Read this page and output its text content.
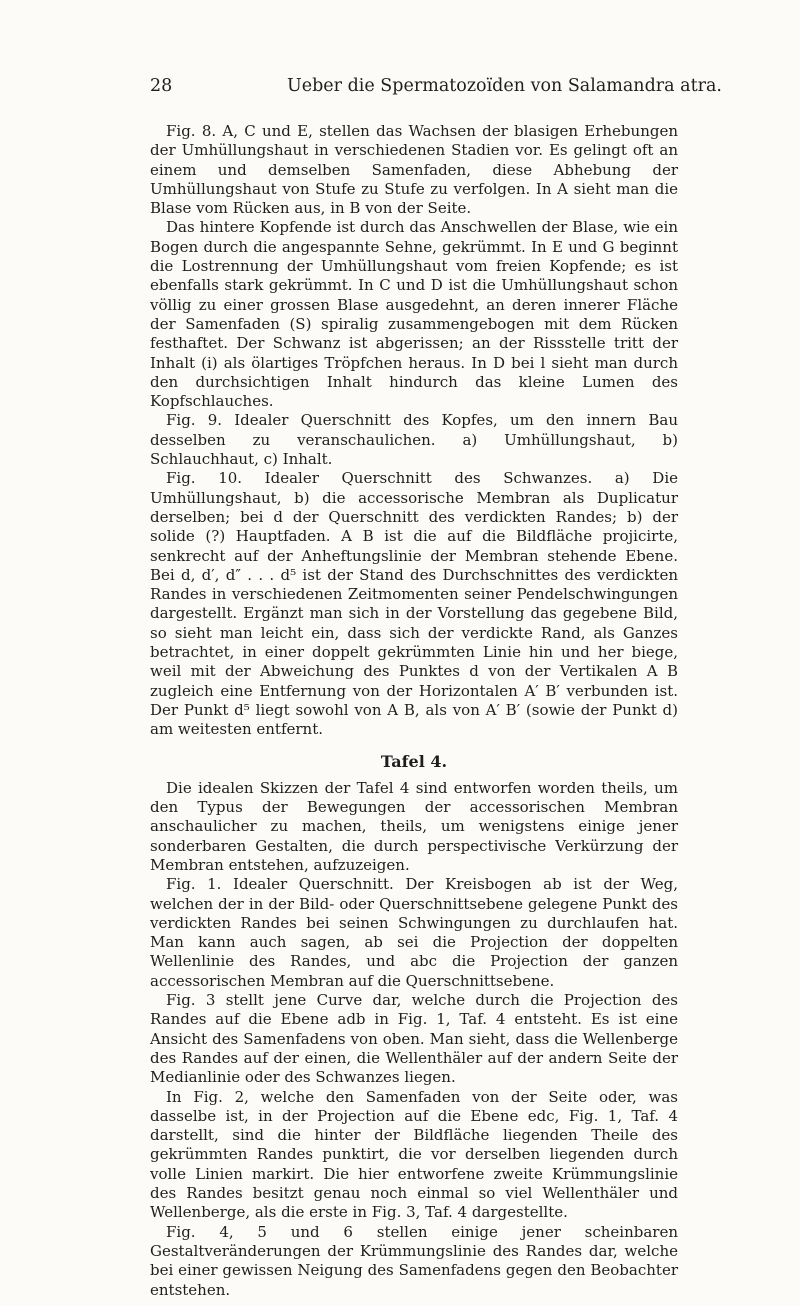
28	Ueber die Spermatozoïden von Salamandra atra.

Fig. 8. A, C und E, stellen das Wachsen der blasigen Erhebungen der Umhüllungshaut in verschiedenen Stadien vor. Es gelingt oft an einem und demselben Samenfaden, diese Abhebung der Umhüllungshaut von Stufe zu Stufe zu verfolgen. In A sieht man die Blase vom Rücken aus, in B von der Seite.

Das hintere Kopfende ist durch das Anschwellen der Blase, wie ein Bogen durch die angespannte Sehne, gekrümmt. In E und G beginnt die Lostrennung der Umhüllungshaut vom freien Kopfende; es ist ebenfalls stark gekrümmt. In C und D ist die Umhüllungshaut schon völlig zu einer grossen Blase ausgedehnt, an deren innerer Fläche der Samenfaden (S) spiralig zusammengebogen mit dem Rücken festhaftet. Der Schwanz ist abgerissen; an der Rissstelle tritt der Inhalt (i) als ölartiges Tröpfchen heraus. In D bei l sieht man durch den durchsichtigen Inhalt hindurch das kleine Lumen des Kopfschlauches.

Fig. 9. Idealer Querschnitt des Kopfes, um den innern Bau desselben zu veranschaulichen. a) Umhüllungshaut, b) Schlauchhaut, c) Inhalt.

Fig. 10. Idealer Querschnitt des Schwanzes. a) Die Umhüllungshaut, b) die accessorische Membran als Duplicatur derselben; bei d der Querschnitt des verdickten Randes; b) der solide (?) Hauptfaden. A B ist die auf die Bildfläche projicirte, senkrecht auf der Anheftungslinie der Membran stehende Ebene. Bei d, d′, d″ . . . d⁵ ist der Stand des Durchschnittes des verdickten Randes in verschiedenen Zeitmomenten seiner Pendelschwingungen dargestellt. Ergänzt man sich in der Vorstellung das gegebene Bild, so sieht man leicht ein, dass sich der verdickte Rand, als Ganzes betrachtet, in einer doppelt gekrümmten Linie hin und her biege, weil mit der Abweichung des Punktes d von der Vertikalen A B zugleich eine Entfernung von der Horizontalen A′ B′ verbunden ist. Der Punkt d⁵ liegt sowohl von A B, als von A′ B′ (sowie der Punkt d) am weitesten entfernt.

Tafel 4.

Die idealen Skizzen der Tafel 4 sind entworfen worden theils, um den Typus der Bewegungen der accessorischen Membran anschaulicher zu machen, theils, um wenigstens einige jener sonderbaren Gestalten, die durch perspectivische Verkürzung der Membran entstehen, aufzuzeigen.

Fig. 1. Idealer Querschnitt. Der Kreisbogen ab ist der Weg, welchen der in der Bild- oder Querschnittsebene gelegene Punkt des verdickten Randes bei seinen Schwingungen zu durchlaufen hat. Man kann auch sagen, ab sei die Projection der doppelten Wellenlinie des Randes, und abc die Projection der ganzen accessorischen Membran auf die Querschnittsebene.

Fig. 3 stellt jene Curve dar, welche durch die Projection des Randes auf die Ebene adb in Fig. 1, Taf. 4 entsteht. Es ist eine Ansicht des Samenfadens von oben. Man sieht, dass die Wellenberge des Randes auf der einen, die Wellenthäler auf der andern Seite der Medianlinie oder des Schwanzes liegen.

In Fig. 2, welche den Samenfaden von der Seite oder, was dasselbe ist, in der Projection auf die Ebene edc, Fig. 1, Taf. 4 darstellt, sind die hinter der Bildfläche liegenden Theile des gekrümmten Randes punktirt, die vor derselben liegenden durch volle Linien markirt. Die hier entworfene zweite Krümmungslinie des Randes besitzt genau noch einmal so viel Wellenthäler und Wellenberge, als die erste in Fig. 3, Taf. 4 dargestellte.

Fig. 4, 5 und 6 stellen einige jener scheinbaren Gestaltveränderungen der Krümmungslinie des Randes dar, welche bei einer gewissen Neigung des Samenfadens gegen den Beobachter entstehen.
